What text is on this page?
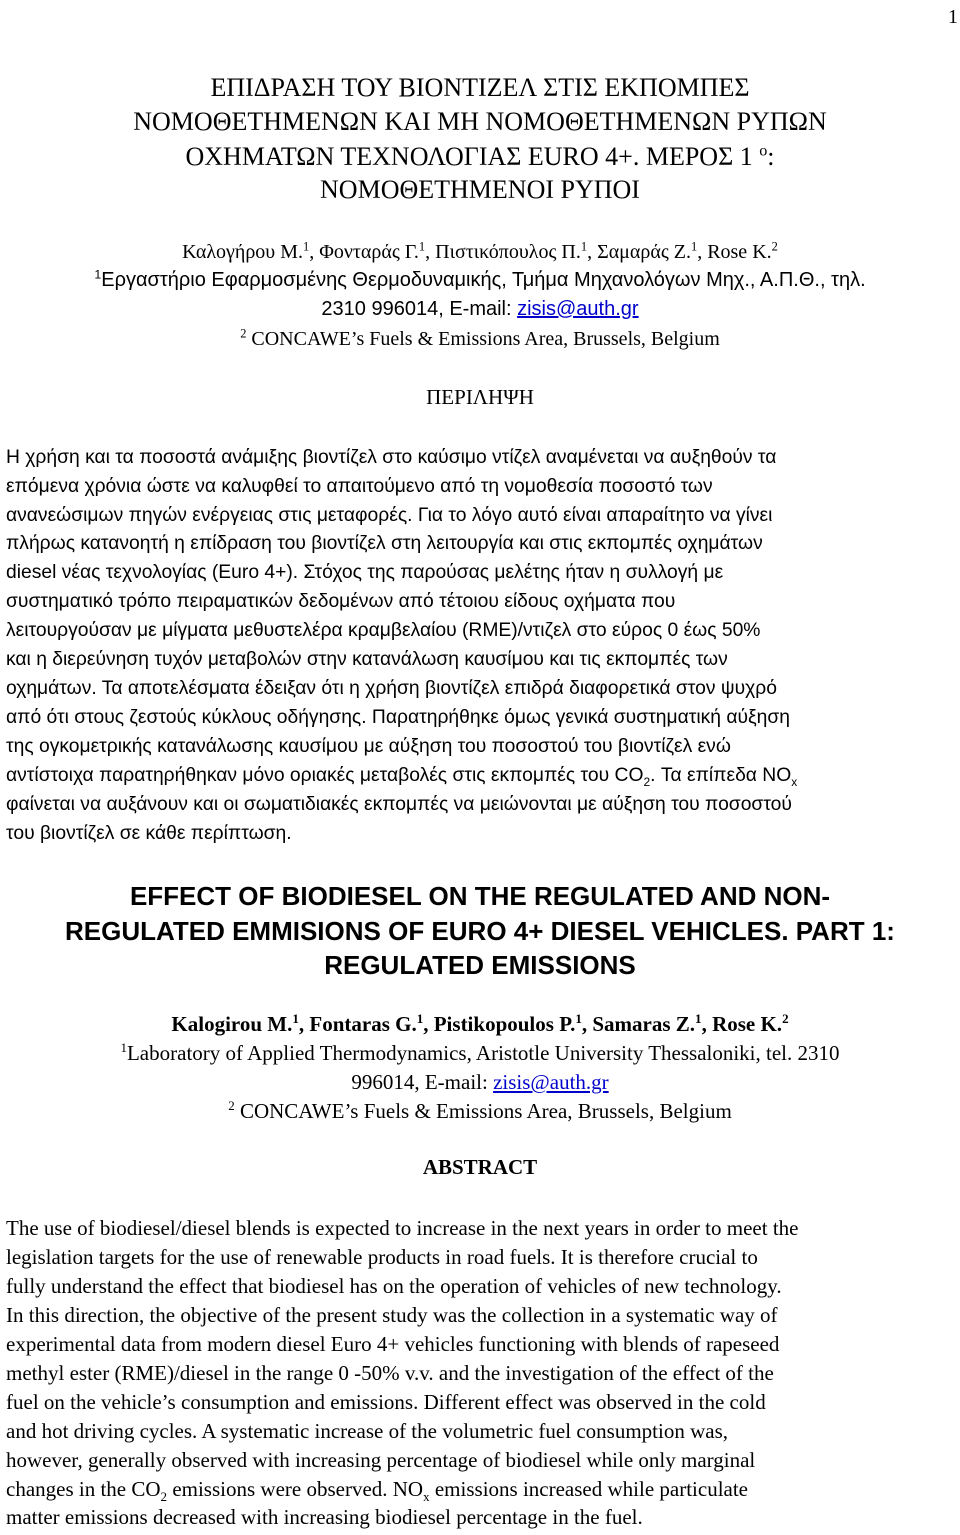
1
ΕΠΙΔΡΑΣΗ ΤΟΥ ΒΙΟΝΤΙΖΕΛ ΣΤΙΣ ΕΚΠΟΜΠΕΣ
ΝΟΜΟΘΕΤΗΜΕΝΩΝ ΚΑΙ ΜΗ ΝΟΜΟΘΕΤΗΜΕΝΩΝ ΡΥΠΩΝ
ΟΧΗΜΑΤΩΝ ΤΕΧΝΟΛΟΓΙΑΣ EURO 4+. ΜΕΡΟΣ 1 $^o$:
ΝΟΜΟΘΕΤΗΜΕΝΟΙ ΡΥΠΟΙ
Καλογήρου Μ.$^1$, Φονταράς Γ.$^1$, Πιστικόπουλος Π.$^1$, Σαμαράς Ζ.$^1$, Rose K.$^2$
$^1$Εργαστήριο Εφαρμοσμένης Θερμοδυναμικής, Τμήμα Μηχανολόγων Μηχ., Α.Π.Θ., τηλ.
2310 996014, E-mail: zisis@auth.gr
$^2$ CONCAWE’s Fuels & Emissions Area, Brussels, Belgium
ΠΕΡΙΛΗΨΗ
Η χρήση και τα ποσοστά ανάμιξης βιοντίζελ στο καύσιμο ντίζελ αναμένεται να αυξηθούν τα
επόμενα χρόνια ώστε να καλυφθεί το απαιτούμενο από τη νομοθεσία ποσοστό των
ανανεώσιμων πηγών ενέργειας στις μεταφορές. Για το λόγο αυτό είναι απαραίτητο να γίνει
πλήρως κατανοητή η επίδραση του βιοντίζελ στη λειτουργία και στις εκπομπές οχημάτων
diesel νέας τεχνολογίας (Euro 4+). Στόχος της παρούσας μελέτης ήταν η συλλογή με
συστηματικό τρόπο πειραματικών δεδομένων από τέτοιου είδους οχήματα που
λειτουργούσαν με μίγματα μεθυστελέρα κραμβελαίου (RME)/ντιζελ στο εύρος 0 έως 50%
και η διερεύνηση τυχόν μεταβολών στην κατανάλωση καυσίμου και τις εκπομπές των
οχημάτων. Τα αποτελέσματα έδειξαν ότι η χρήση βιοντίζελ επιδρά διαφορετικά στον ψυχρό
από ότι στους ζεστούς κύκλους οδήγησης. Παρατηρήθηκε όμως γενικά συστηματική αύξηση
της ογκομετρικής κατανάλωσης καυσίμου με αύξηση του ποσοστού του βιοντίζελ ενώ
αντίστοιχα παρατηρήθηκαν μόνο οριακές μεταβολές στις εκπομπές του $CO_2$. Τα επίπεδα $NO_x$
φαίνεται να αυξάνουν και οι σωματιδιακές εκπομπές να μειώνονται με αύξηση του ποσοστού
του βιοντίζελ σε κάθε περίπτωση.
EFFECT OF BIODIESEL ON THE REGULATED AND NON-
REGULATED EMMISIONS OF EURO 4+ DIESEL VEHICLES. PART 1:
REGULATED EMISSIONS
Kalogirou M.$^1$, Fontaras G.$^1$, Pistikopoulos P.$^1$, Samaras Z.$^1$, Rose K.$^2$
$^1$Laboratory of Applied Thermodynamics, Aristotle University Thessaloniki, tel. 2310
996014, E-mail: zisis@auth.gr
$^2$ CONCAWE’s Fuels & Emissions Area, Brussels, Belgium
ABSTRACT
The use of biodiesel/diesel blends is expected to increase in the next years in order to meet the
legislation targets for the use of renewable products in road fuels. It is therefore crucial to
fully understand the effect that biodiesel has on the operation of vehicles of new technology.
In this direction, the objective of the present study was the collection in a systematic way of
experimental data from modern diesel Euro 4+ vehicles functioning with blends of rapeseed
methyl ester (RME)/diesel in the range 0 -50% v.v. and the investigation of the effect of the
fuel on the vehicle’s consumption and emissions. Different effect was observed in the cold
and hot driving cycles. A systematic increase of the volumetric fuel consumption was,
however, generally observed with increasing percentage of biodiesel while only marginal
changes in the $CO_2$ emissions were observed. $NO_x$ emissions increased while particulate
matter emissions decreased with increasing biodiesel percentage in the fuel.
